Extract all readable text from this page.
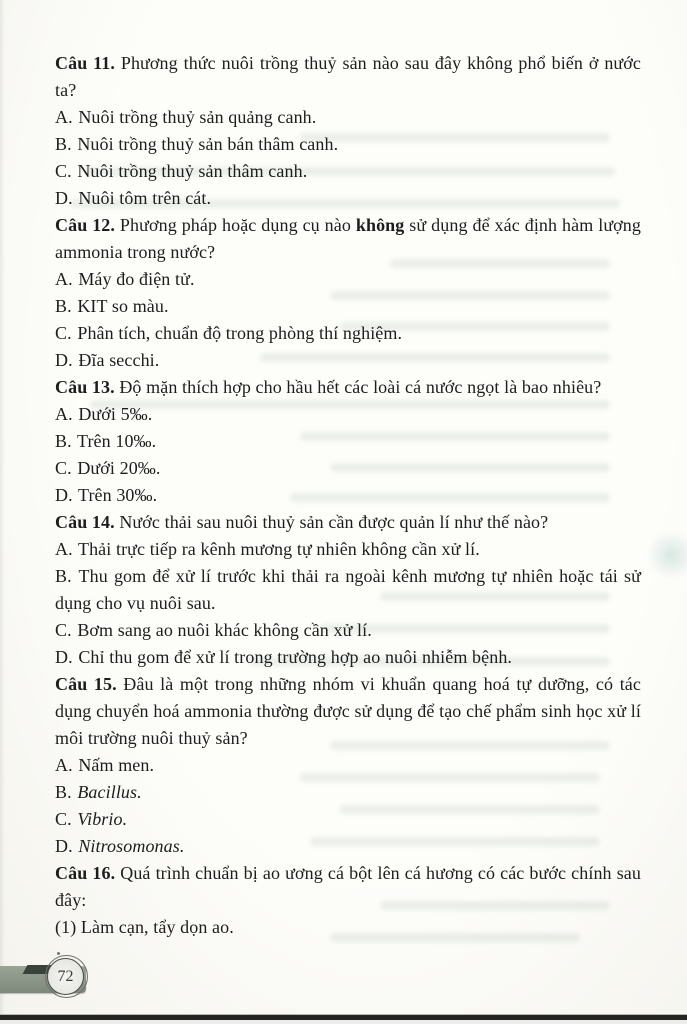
Câu 11. Phương thức nuôi trồng thuỷ sản nào sau đây không phổ biến ở nước ta?

A. Nuôi trồng thuỷ sản quảng canh.

B. Nuôi trồng thuỷ sản bán thâm canh.

C. Nuôi trồng thuỷ sản thâm canh.

D. Nuôi tôm trên cát.

Câu 12. Phương pháp hoặc dụng cụ nào không sử dụng để xác định hàm lượng ammonia trong nước?

A. Máy đo điện tử.

B. KIT so màu.

C. Phân tích, chuẩn độ trong phòng thí nghiệm.

D. Đĩa secchi.

Câu 13. Độ mặn thích hợp cho hầu hết các loài cá nước ngọt là bao nhiêu?

A. Dưới 5‰.

B. Trên 10‰.

C. Dưới 20‰.

D. Trên 30‰.

Câu 14. Nước thải sau nuôi thuỷ sản cần được quản lí như thế nào?

A. Thải trực tiếp ra kênh mương tự nhiên không cần xử lí.

B. Thu gom để xử lí trước khi thải ra ngoài kênh mương tự nhiên hoặc tái sử dụng cho vụ nuôi sau.

C. Bơm sang ao nuôi khác không cần xử lí.

D. Chỉ thu gom để xử lí trong trường hợp ao nuôi nhiễm bệnh.

Câu 15. Đâu là một trong những nhóm vi khuẩn quang hoá tự dưỡng, có tác dụng chuyển hoá ammonia thường được sử dụng để tạo chế phẩm sinh học xử lí môi trường nuôi thuỷ sản?

A. Nấm men.

B. Bacillus.

C. Vibrio.

D. Nitrosomonas.

Câu 16. Quá trình chuẩn bị ao ương cá bột lên cá hương có các bước chính sau đây:

(1) Làm cạn, tẩy dọn ao.

72
